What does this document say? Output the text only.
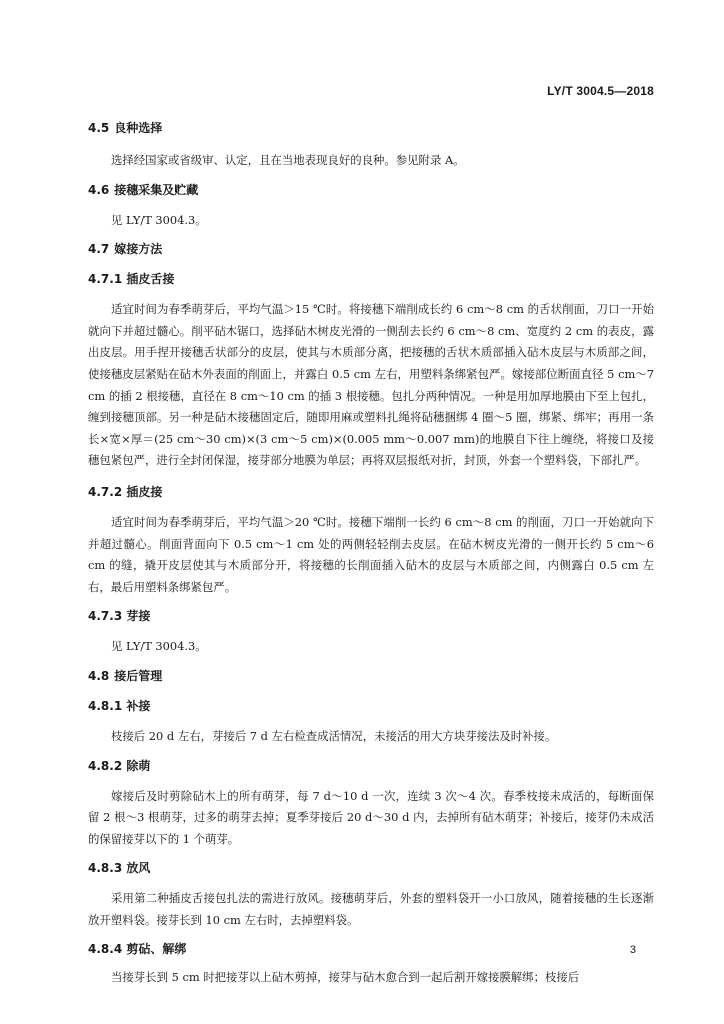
LY/T 3004.5—2018
4.5 良种选择

选择经国家或省级审、认定，且在当地表现良好的良种。参见附录 A。

4.6 接穗采集及贮藏

见 LY/T 3004.3。

4.7 嫁接方法
4.7.1 插皮舌接

适宜时间为春季萌芽后，平均气温＞15 ℃时。将接穗下端削成长约 6 cm～8 cm 的舌状削面，刀口一开始就向下并超过髓心。削平砧木锯口，选择砧木树皮光滑的一侧刮去长约 6 cm～8 cm、宽度约 2 cm 的表皮，露出皮层。用手捏开接穗舌状部分的皮层，使其与木质部分离，把接穗的舌状木质部插入砧木皮层与木质部之间，使接穗皮层紧贴在砧木外表面的削面上，并露白 0.5 cm 左右，用塑料条绑紧包严。嫁接部位断面直径 5 cm～7 cm 的插 2 根接穗，直径在 8 cm～10 cm 的插 3 根接穗。包扎分两种情况。一种是用加厚地膜由下至上包扎，缠到接穗顶部。另一种是砧木接穗固定后，随即用麻或塑料扎绳将砧穗捆绑 4 圈～5 圈，绑紧、绑牢；再用一条长×宽×厚＝(25 cm～30 cm)×(3 cm～5 cm)×(0.005 mm～0.007 mm)的地膜自下往上缠绕，将接口及接穗包紧包严，进行全封闭保湿，接芽部分地膜为单层；再将双层报纸对折，封顶，外套一个塑料袋，下部扎严。

4.7.2 插皮接

适宜时间为春季萌芽后，平均气温＞20 ℃时。接穗下端削一长约 6 cm～8 cm 的削面，刀口一开始就向下并超过髓心。削面背面向下 0.5 cm～1 cm 处的两侧轻轻削去皮层。在砧木树皮光滑的一侧开长约 5 cm～6 cm 的缝，撬开皮层使其与木质部分开，将接穗的长削面插入砧木的皮层与木质部之间，内侧露白 0.5 cm 左右，最后用塑料条绑紧包严。

4.7.3 芽接

见 LY/T 3004.3。

4.8 接后管理
4.8.1 补接

枝接后 20 d 左右，芽接后 7 d 左右检查成活情况，未接活的用大方块芽接法及时补接。

4.8.2 除萌

嫁接后及时剪除砧木上的所有萌芽，每 7 d～10 d 一次，连续 3 次～4 次。春季枝接未成活的，每断面保留 2 根～3 根萌芽，过多的萌芽去掉；夏季芽接后 20 d～30 d 内，去掉所有砧木萌芽；补接后，接芽仍未成活的保留接芽以下的 1 个萌芽。

4.8.3 放风

采用第二种插皮舌接包扎法的需进行放风。接穗萌芽后，外套的塑料袋开一小口放风，随着接穗的生长逐渐放开塑料袋。接芽长到 10 cm 左右时，去掉塑料袋。

4.8.4 剪砧、解绑

当接芽长到 5 cm 时把接芽以上砧木剪掉，接芽与砧木愈合到一起后割开嫁接膜解绑；枝接后

3
